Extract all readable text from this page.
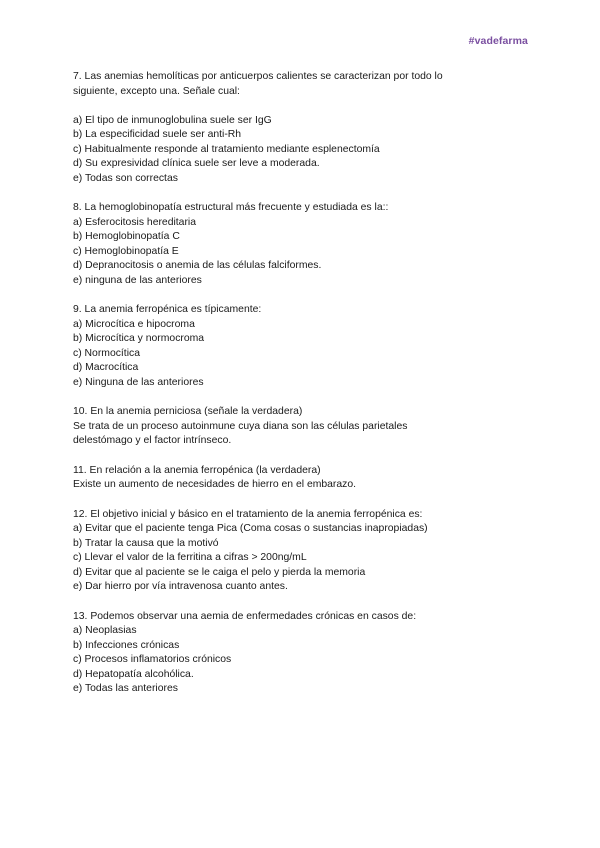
#vadefarma

7. Las anemias hemolíticas por anticuerpos calientes se caracterizan por todo lo siguiente, excepto una. Señale cual:

a) El tipo de inmunoglobulina suele ser IgG
b) La especificidad suele ser anti-Rh
c) Habitualmente responde al tratamiento mediante esplenectomía
d) Su expresividad clínica suele ser leve a moderada.
e) Todas son correctas

8. La hemoglobinopatía estructural más frecuente y estudiada es la::

a) Esferocitosis hereditaria
b) Hemoglobinopatía C
c) Hemoglobinopatía E
d) Depranocitosis o anemia de las células falciformes.
e) ninguna de las anteriores

9. La anemia ferropénica es típicamente:

a) Microcítica e hipocroma
b) Microcítica y normocroma
c) Normocítica
d) Macrocítica
e) Ninguna de las anteriores

10. En la anemia perniciosa (señale la verdadera)

Se trata de un proceso autoinmune cuya diana son las células parietales delestómago y el factor intrínseco.

11. En relación a la anemia ferropénica (la verdadera)

Existe un aumento de necesidades de hierro en el embarazo.

12. El objetivo inicial y básico en el tratamiento de la anemia ferropénica es:

a) Evitar que el paciente tenga Pica (Coma cosas o sustancias inapropiadas)
b) Tratar la causa que la motivó
c) Llevar el valor de la ferritina a cifras > 200ng/mL
d) Evitar que al paciente se le caiga el pelo y pierda la memoria
e) Dar hierro por vía intravenosa cuanto antes.

13. Podemos observar una aemia de enfermedades crónicas en casos de:

a) Neoplasias
b) Infecciones crónicas
c) Procesos inflamatorios crónicos
d) Hepatopatía alcohólica.
e) Todas las anteriores
